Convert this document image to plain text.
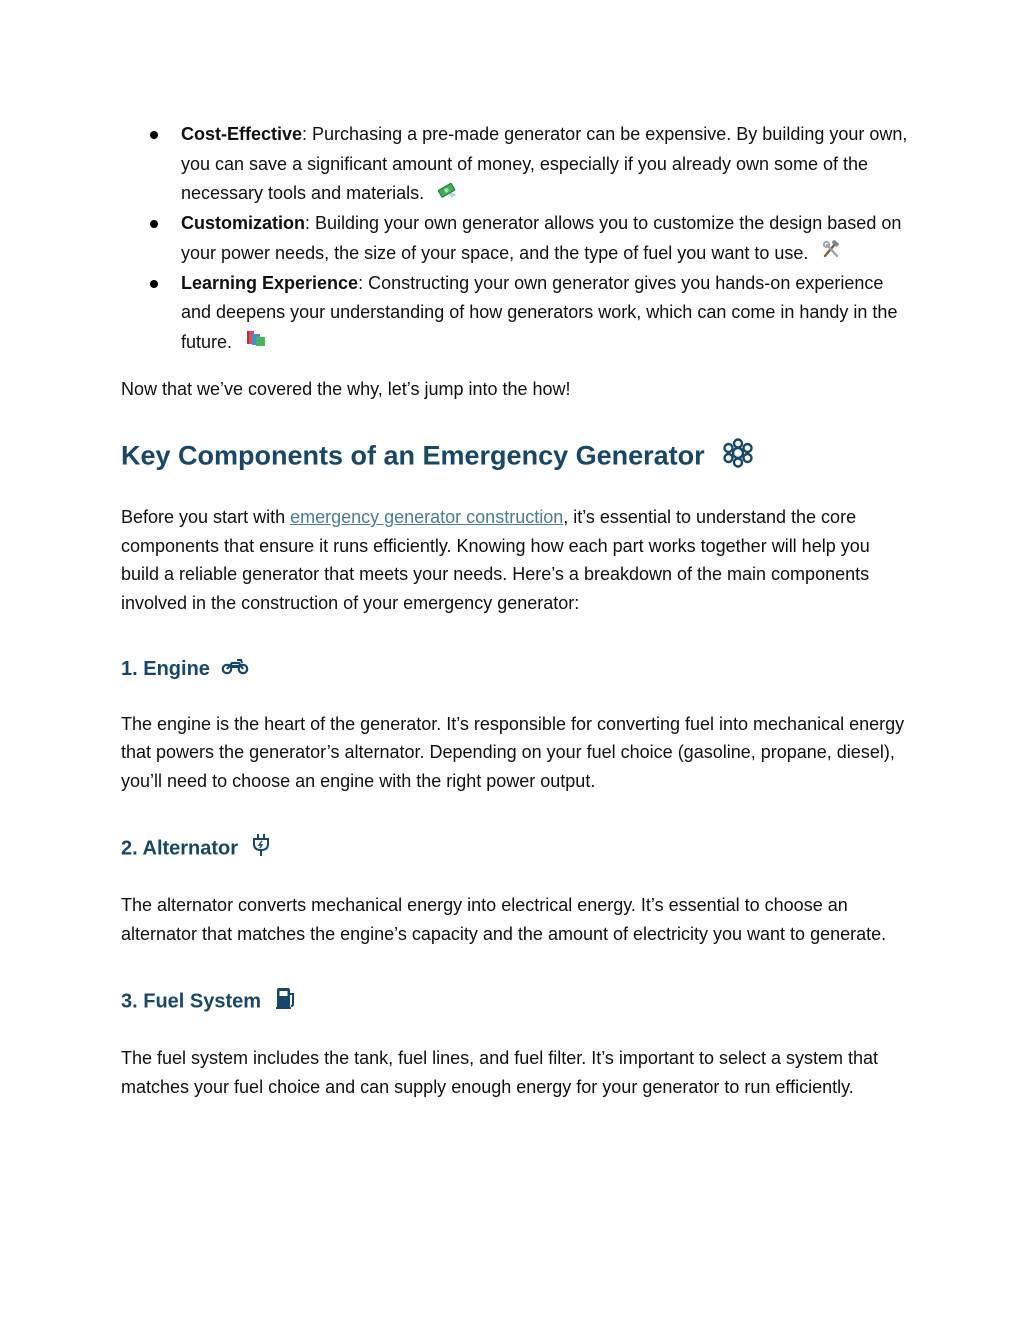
Cost-Effective: Purchasing a pre-made generator can be expensive. By building your own, you can save a significant amount of money, especially if you already own some of the necessary tools and materials.
Customization: Building your own generator allows you to customize the design based on your power needs, the size of your space, and the type of fuel you want to use.
Learning Experience: Constructing your own generator gives you hands-on experience and deepens your understanding of how generators work, which can come in handy in the future.

Now that we’ve covered the why, let’s jump into the how!

Key Components of an Emergency Generator

Before you start with emergency generator construction, it’s essential to understand the core components that ensure it runs efficiently. Knowing how each part works together will help you build a reliable generator that meets your needs. Here’s a breakdown of the main components involved in the construction of your emergency generator:

1. Engine

The engine is the heart of the generator. It’s responsible for converting fuel into mechanical energy that powers the generator’s alternator. Depending on your fuel choice (gasoline, propane, diesel), you’ll need to choose an engine with the right power output.

2. Alternator

The alternator converts mechanical energy into electrical energy. It’s essential to choose an alternator that matches the engine’s capacity and the amount of electricity you want to generate.

3. Fuel System

The fuel system includes the tank, fuel lines, and fuel filter. It’s important to select a system that matches your fuel choice and can supply enough energy for your generator to run efficiently.
